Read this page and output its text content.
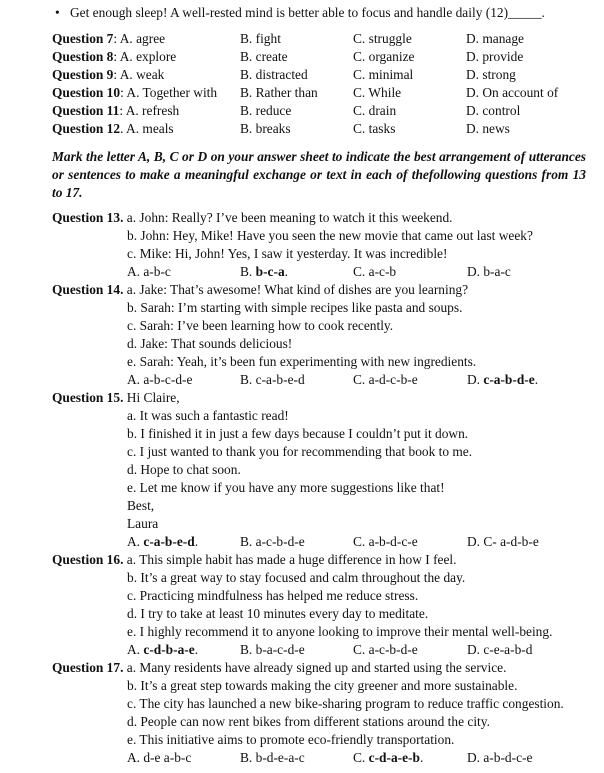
• Get enough sleep! A well-rested mind is better able to focus and handle daily (12)_____.
Question 7: A. agree	B. fight	C. struggle	D. manage
Question 8: A. explore	B. create	C. organize	D. provide
Question 9: A. weak	B. distracted	C. minimal	D. strong
Question 10: A. Together with B. Rather than	C. While	D. On account of
Question 11: A. refresh	B. reduce	C. drain	D. control
Question 12. A. meals	B. breaks	C. tasks	D. news
Mark the letter A, B, C or D on your answer sheet to indicate the best arrangement of utterances or sentences to make a meaningful exchange or text in each of thefollowing questions from 13 to 17.
Question 13. a. John: Really? I’ve been meaning to watch it this weekend.
b. John: Hey, Mike! Have you seen the new movie that came out last week?
c. Mike: Hi, John! Yes, I saw it yesterday. It was incredible!
A. a-b-c	B. b-c-a.	C. a-c-b	D. b-a-c
Question 14. a. Jake: That’s awesome! What kind of dishes are you learning?
b. Sarah: I’m starting with simple recipes like pasta and soups.
c. Sarah: I’ve been learning how to cook recently.
d. Jake: That sounds delicious!
e. Sarah: Yeah, it’s been fun experimenting with new ingredients.
A. a-b-c-d-e	B. c-a-b-e-d	C. a-d-c-b-e	D. c-a-b-d-e.
Question 15. Hi Claire,
a. It was such a fantastic read!
b. I finished it in just a few days because I couldn’t put it down.
c. I just wanted to thank you for recommending that book to me.
d. Hope to chat soon.
e. Let me know if you have any more suggestions like that!
Best,
Laura
A. c-a-b-e-d.	B. a-c-b-d-e	C. a-b-d-c-e	D. C- a-d-b-e
Question 16. a. This simple habit has made a huge difference in how I feel.
b. It’s a great way to stay focused and calm throughout the day.
c. Practicing mindfulness has helped me reduce stress.
d. I try to take at least 10 minutes every day to meditate.
e. I highly recommend it to anyone looking to improve their mental well-being.
A. c-d-b-a-e.	B. b-a-c-d-e	C. a-c-b-d-e	D. c-e-a-b-d
Question 17. a. Many residents have already signed up and started using the service.
b. It’s a great step towards making the city greener and more sustainable.
c. The city has launched a new bike-sharing program to reduce traffic congestion.
d. People can now rent bikes from different stations around the city.
e. This initiative aims to promote eco-friendly transportation.
A. d-e a-b-c	B. b-d-e-a-c	C. c-d-a-e-b.	D. a-b-d-c-e
